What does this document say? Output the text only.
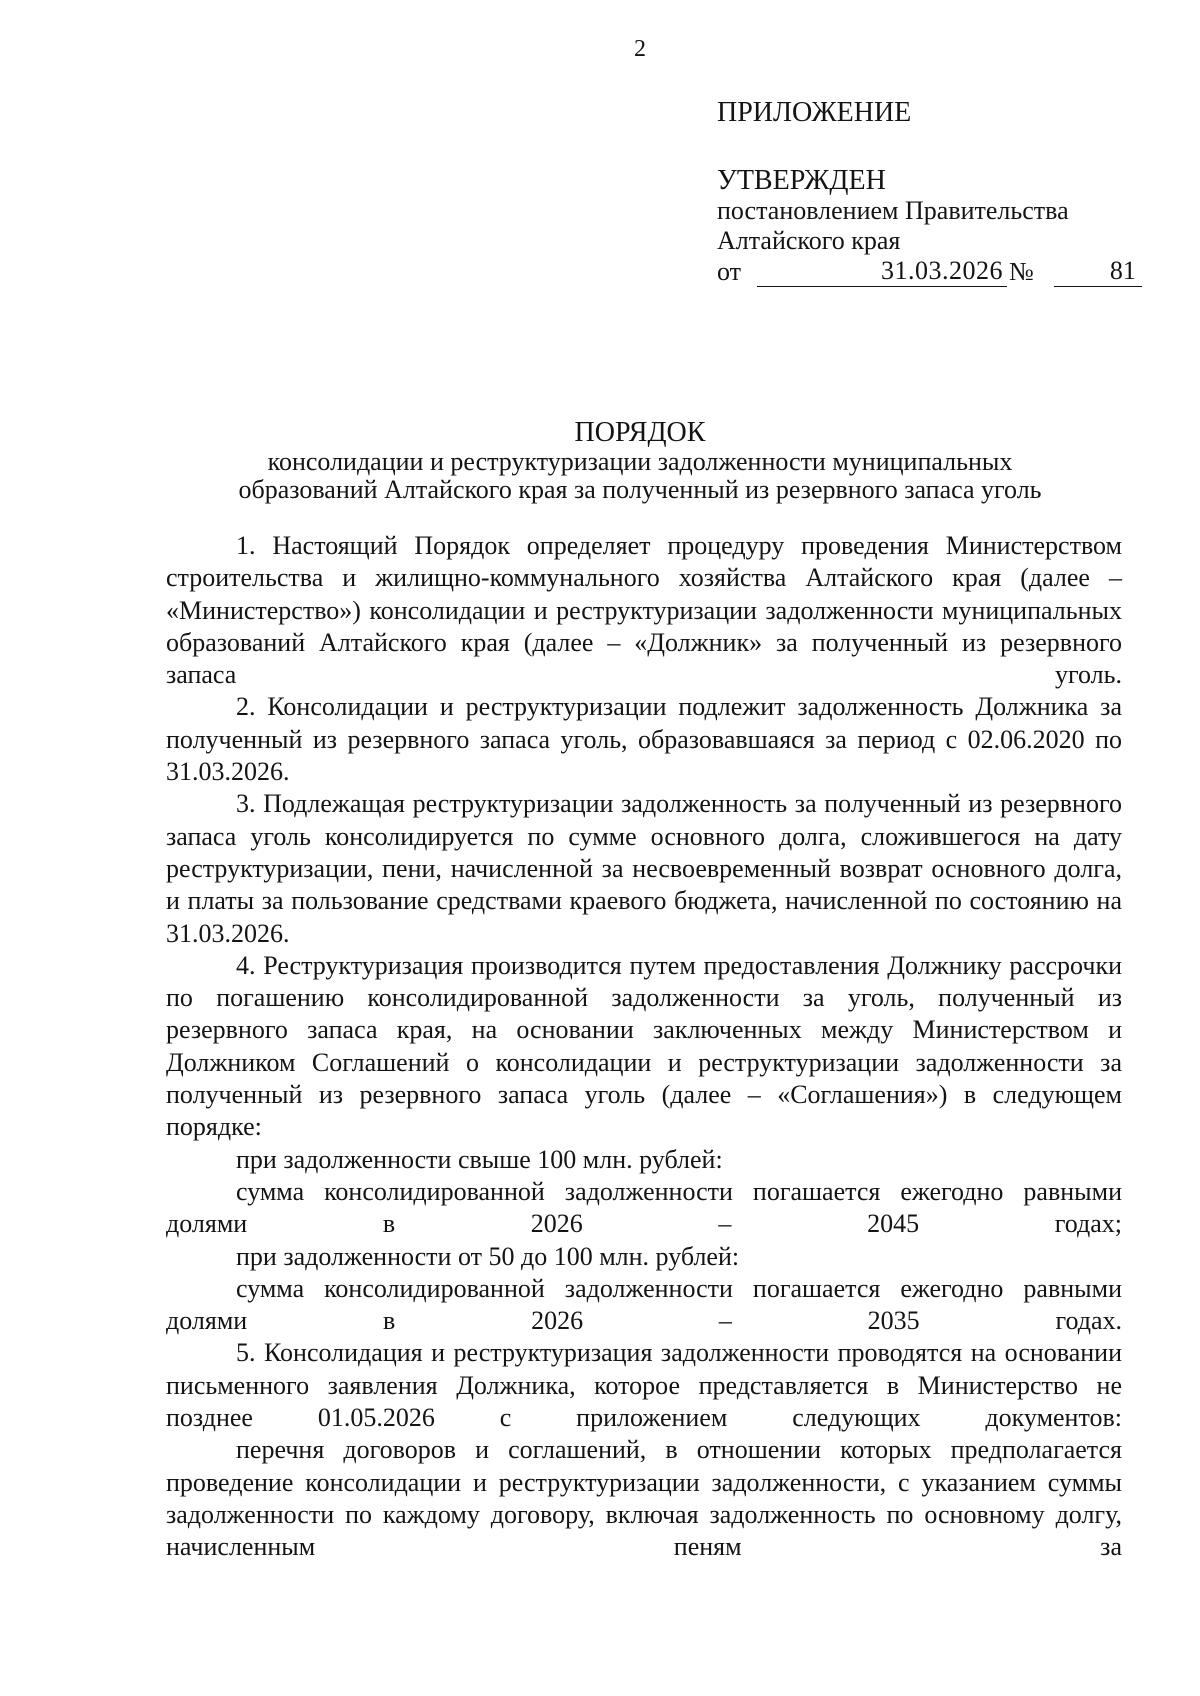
2
ПРИЛОЖЕНИЕ
УТВЕРЖДЕН
постановлением Правительства
Алтайского края
от	31.03.2026 №	81
ПОРЯДОК
консолидации и реструктуризации задолженности муниципальных
образований Алтайского края за полученный из резервного запаса уголь

1. Настоящий Порядок определяет процедуру проведения Министерством строительства и жилищно-коммунального хозяйства Алтайского края (далее – «Министерство») консолидации и реструктуризации задолженности муниципальных образований Алтайского края (далее – «Должник» за полученный из резервного запаса уголь.

2. Консолидации и реструктуризации подлежит задолженность Должника за полученный из резервного запаса уголь, образовавшаяся за период с 02.06.2020 по 31.03.2026.

3. Подлежащая реструктуризации задолженность за полученный из резервного запаса уголь консолидируется по сумме основного долга, сложившегося на дату реструктуризации, пени, начисленной за несвоевременный возврат основного долга, и платы за пользование средствами краевого бюджета, начисленной по состоянию на 31.03.2026.

4. Реструктуризация производится путем предоставления Должнику рассрочки по погашению консолидированной задолженности за уголь, полученный из резервного запаса края, на основании заключенных между Министерством и Должником Соглашений о консолидации и реструктуризации задолженности за полученный из резервного запаса уголь (далее – «Соглашения») в следующем порядке:

при задолженности свыше 100 млн. рублей:

сумма консолидированной задолженности погашается ежегодно равными долями в 2026 – 2045 годах;

при задолженности от 50 до 100 млн. рублей:

сумма консолидированной задолженности погашается ежегодно равными долями в 2026 – 2035 годах.

5. Консолидация и реструктуризация задолженности проводятся на основании письменного заявления Должника, которое представляется в Министерство не позднее 01.05.2026 с приложением следующих документов:

перечня договоров и соглашений, в отношении которых предполагается проведение консолидации и реструктуризации задолженности, с указанием суммы задолженности по каждому договору, включая задолженность по основному долгу, начисленным пеням за
